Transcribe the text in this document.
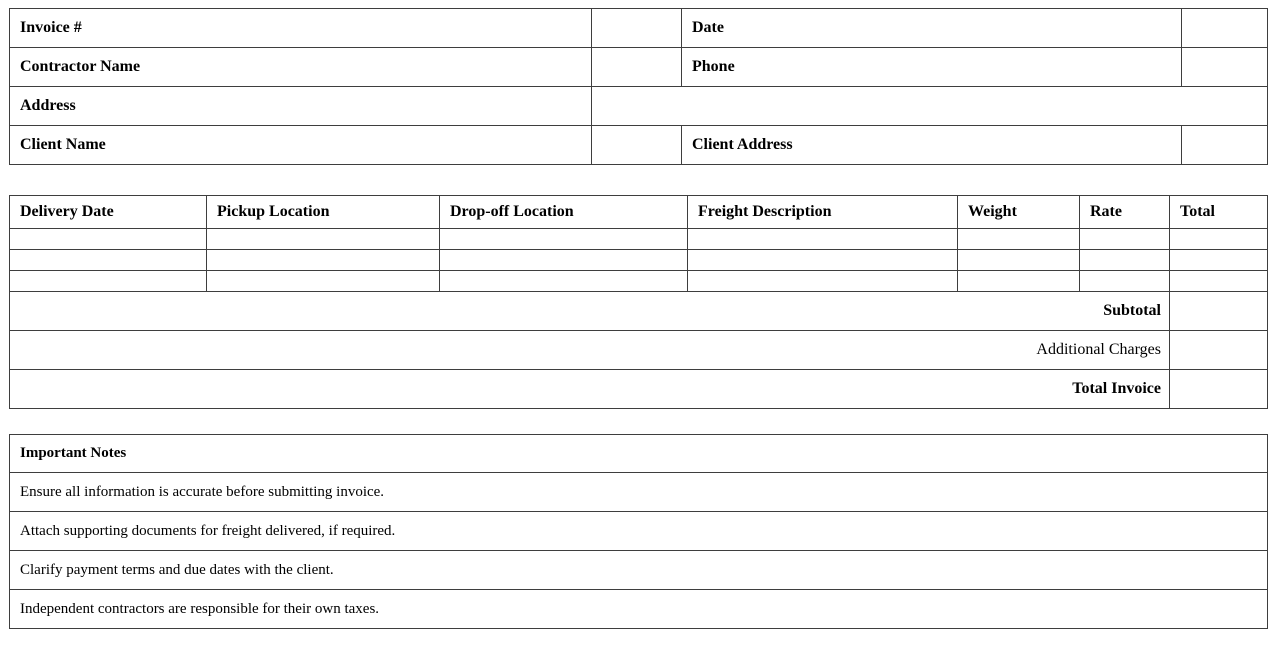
Invoice #		Date	
Contractor Name		Phone	
Address			
Client Name		Client Address	
Delivery Date	Pickup Location	Drop-off Location	Freight Description	Weight	Rate	Total

Subtotal						
Additional Charges						
Total Invoice						
Important Notes
Ensure all information is accurate before submitting invoice.
Attach supporting documents for freight delivered, if required.
Clarify payment terms and due dates with the client.
Independent contractors are responsible for their own taxes.
